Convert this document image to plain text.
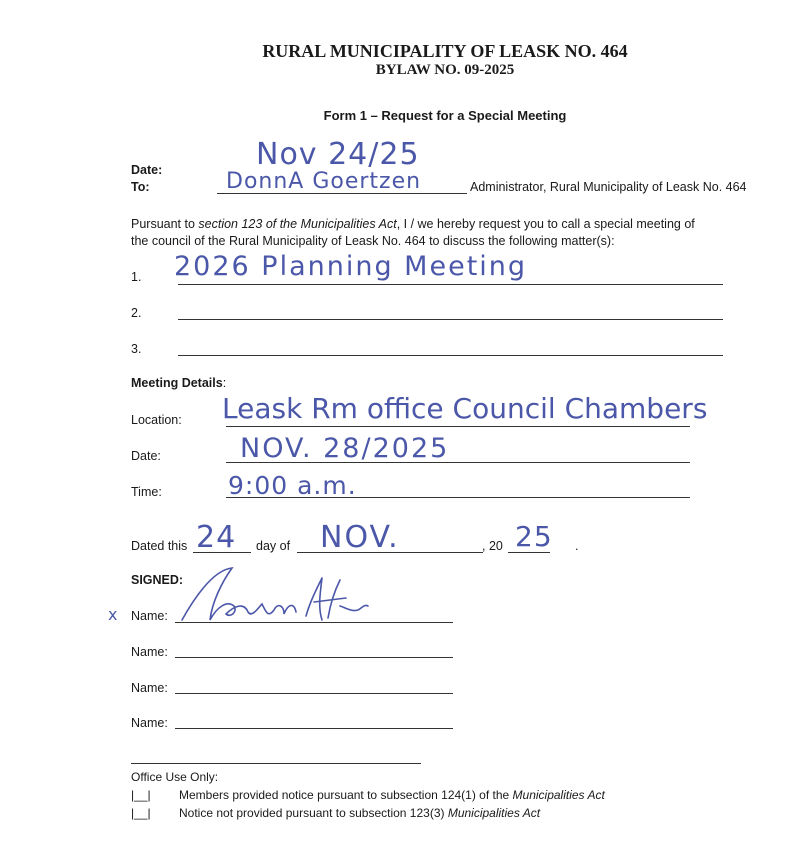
RURAL MUNICIPALITY OF LEASK NO. 464
BYLAW NO. 09-2025
Form 1 – Request for a Special Meeting
Date:	Nov 24/25
To:	DonnA Goertzen	Administrator, Rural Municipality of Leask No. 464
Pursuant to section 123 of the Municipalities Act, I / we hereby request you to call a special meeting of
the council of the Rural Municipality of Leask No. 464 to discuss the following matter(s):
1. 2026 Planning Meeting
2.
3.
Meeting Details:
Location: Leask Rm office Council Chambers
Date:	NOV. 28/2025
Time:	9:00 a.m.
Dated this 24 day of NOV.	, 20 25 .
SIGNED:
x Name:
Name:
Name:
Name:
Office Use Only:
|__| Members provided notice pursuant to subsection 124(1) of the Municipalities Act
|__| Notice not provided pursuant to subsection 123(3) Municipalities Act
